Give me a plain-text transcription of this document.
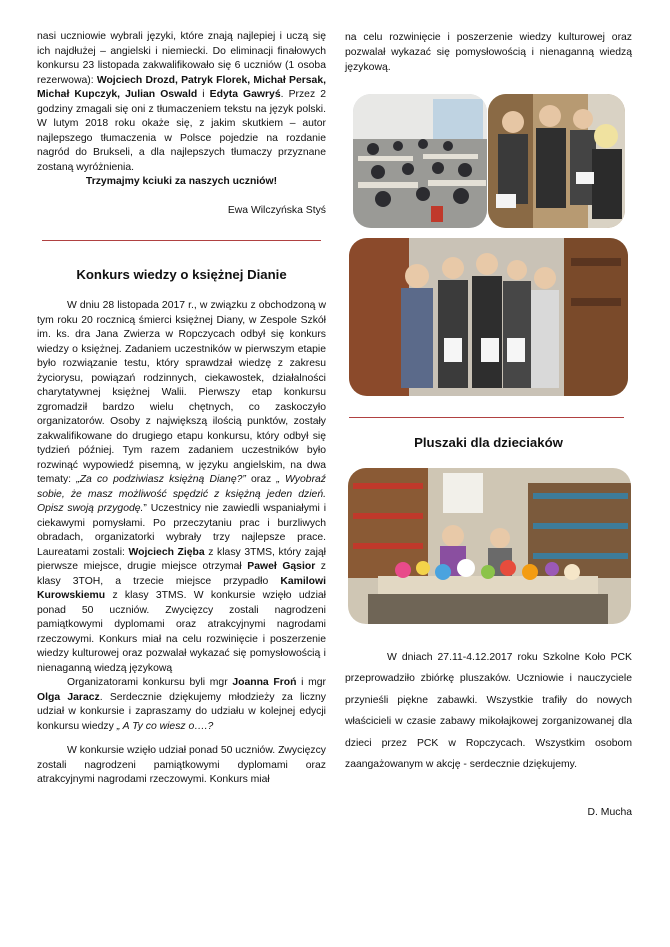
nasi uczniowie wybrali języki, które znają najlepiej i uczą się ich najdłużej – angielski i niemiecki. Do eliminacji finałowych konkursu 23 listopada zakwalifikowało się 6 uczniów (1 osoba rezerwowa): Wojciech Drozd, Patryk Florek, Michał Persak, Michał Kupczyk, Julian Oswald i Edyta Gawryś. Przez 2 godziny zmagali się oni z tłumaczeniem tekstu na język polski. W lutym 2018 roku okaże się, z jakim skutkiem – autor najlepszego tłumaczenia w Polsce pojedzie na rozdanie nagród do Brukseli, a dla najlepszych tłumaczy przyznane zostaną wyróżnienia.

Trzymajmy kciuki za naszych uczniów!

Ewa Wilczyńska Styś

Konkurs wiedzy o księżnej Dianie

W dniu 28 listopada 2017 r., w związku z obchodzoną w tym roku 20 rocznicą śmierci księżnej Diany, w Zespole Szkół im. ks. dra Jana Zwierza w Ropczycach odbył się konkurs wiedzy o księżnej. Zadaniem uczestników w pierwszym etapie było rozwiązanie testu, który sprawdzał wiedzę z zakresu życiorysu, powiązań rodzinnych, ciekawostek, działalności charytatywnej księżnej Walii. Pierwszy etap konkursu zgromadził bardzo wielu chętnych, co zaskoczyło organizatorów. Osoby z największą ilością punktów, zostały zakwalifikowane do drugiego etapu konkursu, który odbył się tydzień później. Tym razem zadaniem uczestników było rozwinąć wypowiedź pisemną, w języku angielskim, na dwa tematy: „Za co podziwiasz księżną Dianę?” oraz „ Wyobraź sobie, że masz możliwość spędzić z księżną jeden dzień. Opisz swoją przygodę.” Uczestnicy nie zawiedli wspaniałymi i ciekawymi pomysłami. Po przeczytaniu prac i burzliwych obradach, organizatorki wybrały trzy najlepsze prace. Laureatami zostali: Wojciech Zięba z klasy 3TMS, który zajął pierwsze miejsce, drugie miejsce otrzymał Paweł Gąsior z klasy 3TOH, a trzecie miejsce przypadło Kamilowi Kurowskiemu z klasy 3TMS. W konkursie wzięło udział ponad 50 uczniów. Zwycięzcy zostali nagrodzeni pamiątkowymi dyplomami oraz atrakcyjnymi nagrodami rzeczowymi. Konkurs miał na celu rozwinięcie i poszerzenie wiedzy kulturowej oraz pozwalał wykazać się pomysłowością i nienaganną wiedzą językową

Organizatorami konkursu byli mgr Joanna Froń i mgr Olga Jaracz. Serdecznie dziękujemy młodzieży za liczny udział w konkursie i zapraszamy do udziału w kolejnej edycji konkursu wiedzy „ A Ty co wiesz o….?

W konkursie wzięło udział ponad 50 uczniów. Zwycięzcy zostali nagrodzeni pamiątkowymi dyplomami oraz atrakcyjnymi nagrodami rzeczowymi. Konkurs miał

na celu rozwinięcie i poszerzenie wiedzy kulturowej oraz pozwalał wykazać się pomysłowością i nienaganną wiedzą językową.

Pluszaki dla dzieciaków

W dniach 27.11-4.12.2017 roku Szkolne Koło PCK przeprowadziło zbiórkę pluszaków. Uczniowie i nauczyciele przynieśli piękne zabawki. Wszystkie trafiły do nowych właścicieli w czasie zabawy mikołajkowej zorganizowanej dla dzieci przez PCK w Ropczycach. Wszystkim osobom zaangażowanym w akcję - serdecznie dziękujemy.

D. Mucha
